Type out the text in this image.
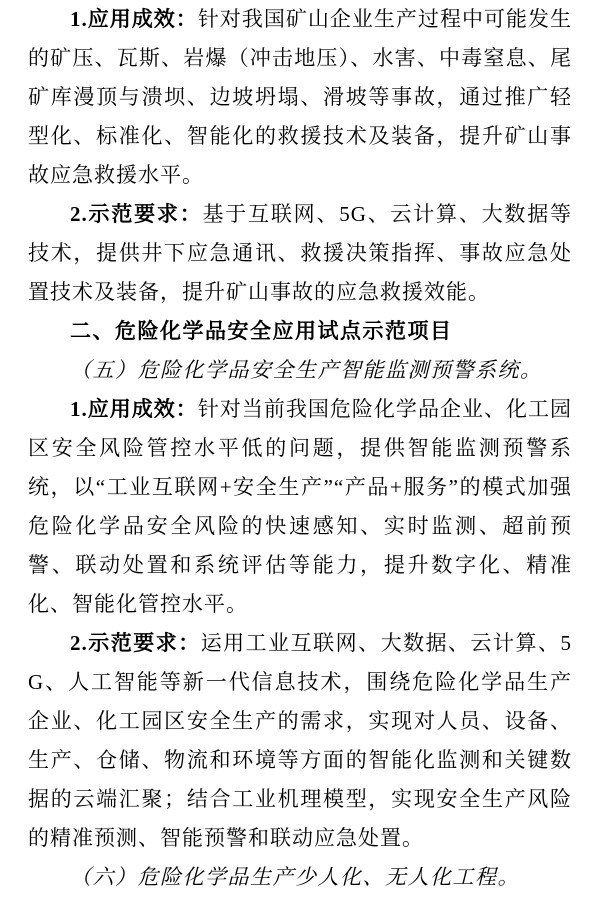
1.应用成效：针对我国矿山企业生产过程中可能发生的矿压、瓦斯、岩爆（冲击地压）、水害、中毒窒息、尾矿库漫顶与溃坝、边坡坍塌、滑坡等事故，通过推广轻型化、标准化、智能化的救援技术及装备，提升矿山事故应急救援水平。

2.示范要求：基于互联网、5G、云计算、大数据等技术，提供井下应急通讯、救援决策指挥、事故应急处置技术及装备，提升矿山事故的应急救援效能。

二、危险化学品安全应用试点示范项目

（五）危险化学品安全生产智能监测预警系统。

1.应用成效：针对当前我国危险化学品企业、化工园区安全风险管控水平低的问题，提供智能监测预警系统，以“工业互联网+安全生产”“产品+服务”的模式加强危险化学品安全风险的快速感知、实时监测、超前预警、联动处置和系统评估等能力，提升数字化、精准化、智能化管控水平。

2.示范要求：运用工业互联网、大数据、云计算、5G、人工智能等新一代信息技术，围绕危险化学品生产企业、化工园区安全生产的需求，实现对人员、设备、生产、仓储、物流和环境等方面的智能化监测和关键数据的云端汇聚；结合工业机理模型，实现安全生产风险的精准预测、智能预警和联动应急处置。

（六）危险化学品生产少人化、无人化工程。
